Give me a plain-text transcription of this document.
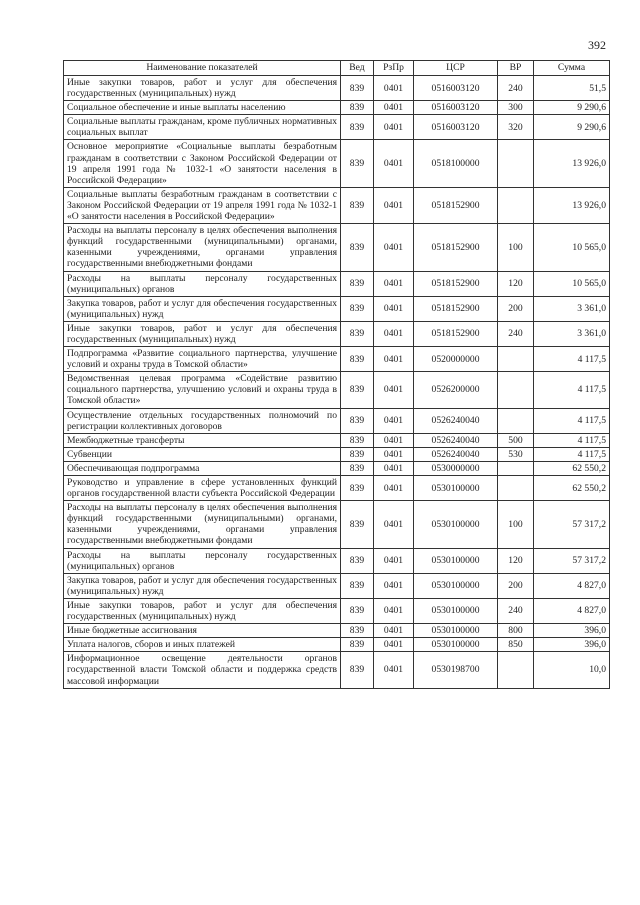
392
Наименование показателей	Вед	РзПр	ЦСР	ВР	Сумма
Иные закупки товаров, работ и услуг для обеспечения государственных (муниципальных) нужд	839	0401	0516003120	240	51,5
Социальное обеспечение и иные выплаты населению	839	0401	0516003120	300	9 290,6
Социальные выплаты гражданам, кроме публичных нормативных социальных выплат	839	0401	0516003120	320	9 290,6
Основное мероприятие «Социальные выплаты безработным гражданам в соответствии с Законом Российской Федерации от 19 апреля 1991 года № 1032-1 «О занятости населения в Российской Федерации»	839	0401	0518100000		13 926,0
Социальные выплаты безработным гражданам в соответствии с Законом Российской Федерации от 19 апреля 1991 года № 1032-1 «О занятости населения в Российской Федерации»	839	0401	0518152900		13 926,0
Расходы на выплаты персоналу в целях обеспечения выполнения функций государственными (муниципальными) органами, казенными учреждениями, органами управления государственными внебюджетными фондами	839	0401	0518152900	100	10 565,0
Расходы на выплаты персоналу государственных (муниципальных) органов	839	0401	0518152900	120	10 565,0
Закупка товаров, работ и услуг для обеспечения государственных (муниципальных) нужд	839	0401	0518152900	200	3 361,0
Иные закупки товаров, работ и услуг для обеспечения государственных (муниципальных) нужд	839	0401	0518152900	240	3 361,0
Подпрограмма «Развитие социального партнерства, улучшение условий и охраны труда в Томской области»	839	0401	0520000000		4 117,5
Ведомственная целевая программа «Содействие развитию социального партнерства, улучшению условий и охраны труда в Томской области»	839	0401	0526200000		4 117,5
Осуществление отдельных государственных полномочий по регистрации коллективных договоров	839	0401	0526240040		4 117,5
Межбюджетные трансферты	839	0401	0526240040	500	4 117,5
Субвенции	839	0401	0526240040	530	4 117,5
Обеспечивающая подпрограмма	839	0401	0530000000		62 550,2
Руководство и управление в сфере установленных функций органов государственной власти субъекта Российской Федерации	839	0401	0530100000		62 550,2
Расходы на выплаты персоналу в целях обеспечения выполнения функций государственными (муниципальными) органами, казенными учреждениями, органами управления государственными внебюджетными фондами	839	0401	0530100000	100	57 317,2
Расходы на выплаты персоналу государственных (муниципальных) органов	839	0401	0530100000	120	57 317,2
Закупка товаров, работ и услуг для обеспечения государственных (муниципальных) нужд	839	0401	0530100000	200	4 827,0
Иные закупки товаров, работ и услуг для обеспечения государственных (муниципальных) нужд	839	0401	0530100000	240	4 827,0
Иные бюджетные ассигнования	839	0401	0530100000	800	396,0
Уплата налогов, сборов и иных платежей	839	0401	0530100000	850	396,0
Информационное освещение деятельности органов государственной власти Томской области и поддержка средств массовой информации	839	0401	0530198700		10,0
